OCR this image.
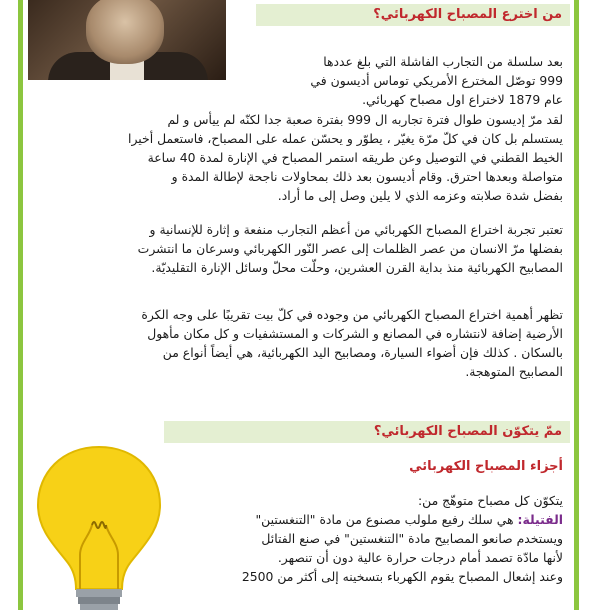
من اخترع المصباح الكهربائي؟
بعد سلسلة من التجارب الفاشلة التي بلغ عددها
999 توصّل المخترع الأمريكي توماس أديسون في
عام 1879 لاختراع اول مصباح كهربائي.
لقد مرّ إديسون طوال فترة تجاربه ال 999 بفترة صعبة جدا لكنّه لم ييأس و لم
يستسلم بل كان في كلّ مرّة يغيّر ، يطوّر و يحسّن عمله على المصباح، فاستعمل أخيرا
الخيط القطني في التوصيل وعن طريقه استمر المصباح في الإنارة لمدة 40 ساعة
متواصلة وبعدها احترق. وقام أديسون بعد ذلك بمحاولات ناجحة لإطالة المدة و
بفضل شدة صلابته وعزمه الذي لا يلين وصل إلى ما أراد.
تعتبر تجربة اختراع المصباح الكهربائي من أعظم التجارب منفعة و إثارة للإنسانية و
بفضلها مرّ الانسان من عصر الظلمات إلى عصر النّور الكهربائي وسرعان ما انتشرت
المصابيح الكهربائية منذ بداية القرن العشرين، وحلّت محلّ وسائل الإنارة التقليديّة.
تظهر أهمية اختراع المصباح الكهربائي من وجوده في كلّ بيت تقريبًا على وجه الكرة
الأرضية إضافة لانتشاره في المصانع و الشركات و المستشفيات و كل مكان مأهول
بالسكان . كذلك فإن أضواء السيارة، ومصابيح اليد الكهربائية، هي أيضاً أنواع من
المصابيح المتوهجة.
ممّ يتكوّن المصباح الكهربائي؟
أجزاء المصباح الكهربائي
يتكوّن كل مصباح متوهّج من:
الفتيلة: هي سلك رفيع ملولب مصنوع من مادة "التنغستين"
ويستخدم صانعو المصابيح مادة "التنغستين" في صنع الفتائل
لأنها مادّة تصمد أمام درجات حرارة عالية دون أن تنصهر.
وعند إشعال المصباح يقوم الكهرباء بتسخينه إلى أكثر من 2500
